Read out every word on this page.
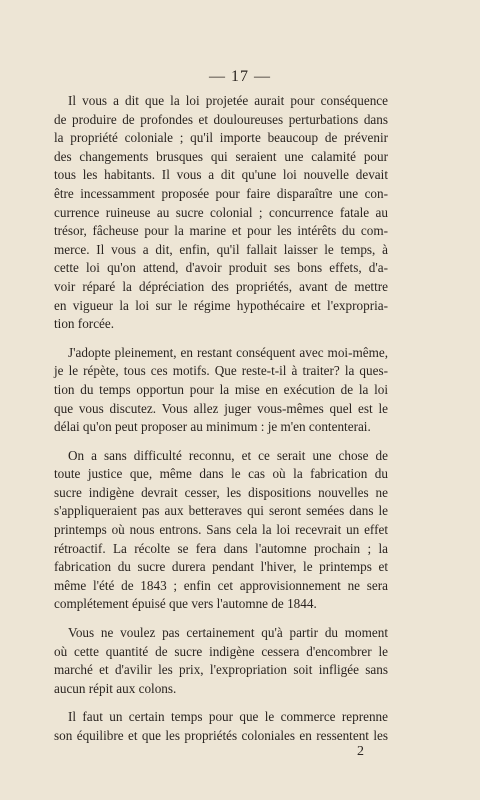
— 17 —
Il vous a dit que la loi projetée aurait pour conséquence
de produire de profondes et douloureuses perturbations dans
la propriété coloniale ; qu'il importe beaucoup de prévenir
des changements brusques qui seraient une calamité pour
tous les habitants. Il vous a dit qu'une loi nouvelle devait
être incessamment proposée pour faire disparaître une con-
currence ruineuse au sucre colonial ; concurrence fatale au
trésor, fâcheuse pour la marine et pour les intérêts du com-
merce. Il vous a dit, enfin, qu'il fallait laisser le temps, à
cette loi qu'on attend, d'avoir produit ses bons effets, d'a-
voir réparé la dépréciation des propriétés, avant de mettre
en vigueur la loi sur le régime hypothécaire et l'expropria-
tion forcée.
J'adopte pleinement, en restant conséquent avec moi-même,
je le répète, tous ces motifs. Que reste-t-il à traiter? la ques-
tion du temps opportun pour la mise en exécution de la loi
que vous discutez. Vous allez juger vous-mêmes quel est le
délai qu'on peut proposer au minimum : je m'en contenterai.
On a sans difficulté reconnu, et ce serait une chose de
toute justice que, même dans le cas où la fabrication du
sucre indigène devrait cesser, les dispositions nouvelles ne
s'appliqueraient pas aux betteraves qui seront semées dans le
printemps où nous entrons. Sans cela la loi recevrait un effet
rétroactif. La récolte se fera dans l'automne prochain ; la
fabrication du sucre durera pendant l'hiver, le printemps et
même l'été de 1843 ; enfin cet approvisionnement ne sera
complétement épuisé que vers l'automne de 1844.
Vous ne voulez pas certainement qu'à partir du moment
où cette quantité de sucre indigène cessera d'encombrer le
marché et d'avilir les prix, l'expropriation soit infligée sans
aucun répit aux colons.
Il faut un certain temps pour que le commerce reprenne
son équilibre et que les propriétés coloniales en ressentent les
2
